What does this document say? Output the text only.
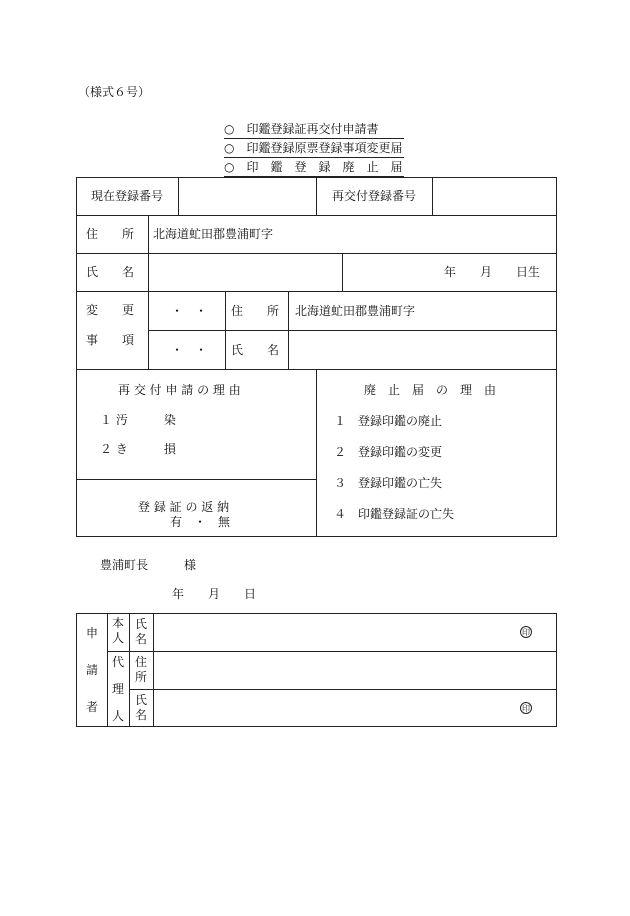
（様式６号）
○　印鑑登録証再交付申請書
○　印鑑登録原票登録事項変更届
○　印　鑑　登　録　廃　止　届
現在登録番号	再交付登録番号
住　　所 北海道虻田郡豊浦町字
氏　　名	年　　月　　日生
変　　更
事　　項
・　・
・　・
住　　所 北海道虻田郡豊浦町字
氏　　名
再 交 付 申 請 の 理 由
１ 汚　　　染
２ き　　　損
登 録 証 の 返 納
有　・　無
廃　止　届　の　理　由
１　登録印鑑の廃止
２　登録印鑑の変更
３　登録印鑑の亡失
４　印鑑登録証の亡失
豊浦町長　　　様
年　　月　　日
申
請
者
本
人
代
理
人
氏
名
住
所
氏
名
印
印
